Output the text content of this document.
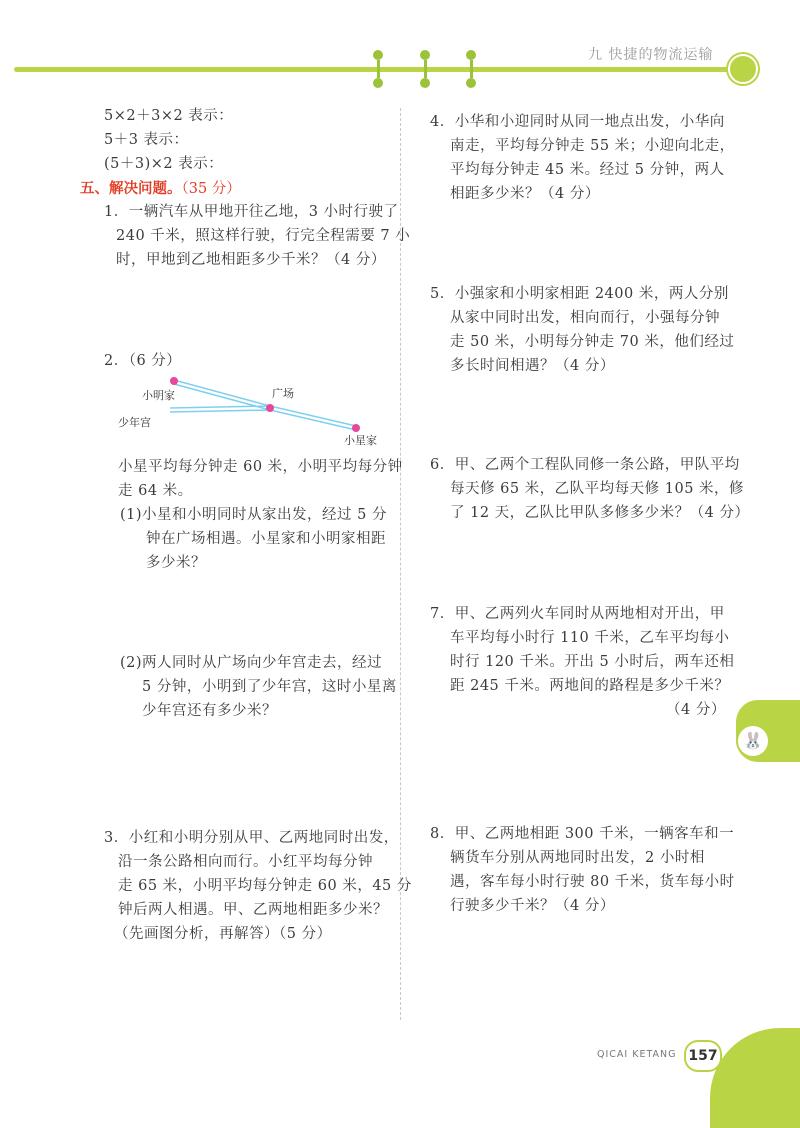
九 快捷的物流运输
5×2＋3×2 表示：
5＋3 表示：
(5＋3)×2 表示：
五、解决问题。（35 分）
1．一辆汽车从甲地开往乙地，3 小时行驶了
240 千米，照这样行驶，行完全程需要 7 小
时，甲地到乙地相距多少千米？（4 分）
2．（6 分）
小明家	广场
少年宫
小星家
小星平均每分钟走 60 米，小明平均每分钟
走 64 米。
(1)小星和小明同时从家出发，经过 5 分
钟在广场相遇。小星家和小明家相距
多少米？
(2)两人同时从广场向少年宫走去，经过
5 分钟，小明到了少年宫，这时小星离
少年宫还有多少米？
3．小红和小明分别从甲、乙两地同时出发，
沿一条公路相向而行。小红平均每分钟
走 65 米，小明平均每分钟走 60 米，45 分
钟后两人相遇。甲、乙两地相距多少米？
（先画图分析，再解答）（5 分）
4．小华和小迎同时从同一地点出发，小华向
南走，平均每分钟走 55 米；小迎向北走，
平均每分钟走 45 米。经过 5 分钟，两人
相距多少米？（4 分）
5．小强家和小明家相距 2400 米，两人分别
从家中同时出发，相向而行，小强每分钟
走 50 米，小明每分钟走 70 米，他们经过
多长时间相遇？（4 分）
6．甲、乙两个工程队同修一条公路，甲队平均
每天修 65 米，乙队平均每天修 105 米，修
了 12 天，乙队比甲队多修多少米？（4 分）
7．甲、乙两列火车同时从两地相对开出，甲
车平均每小时行 110 千米，乙车平均每小
时行 120 千米。开出 5 小时后，两车还相
距 245 千米。两地间的路程是多少千米？
（4 分）
8．甲、乙两地相距 300 千米，一辆客车和一
辆货车分别从两地同时出发，2 小时相
遇，客车每小时行驶 80 千米，货车每小时
行驶多少千米？（4 分）
🐰
QICAI KETANG 157
